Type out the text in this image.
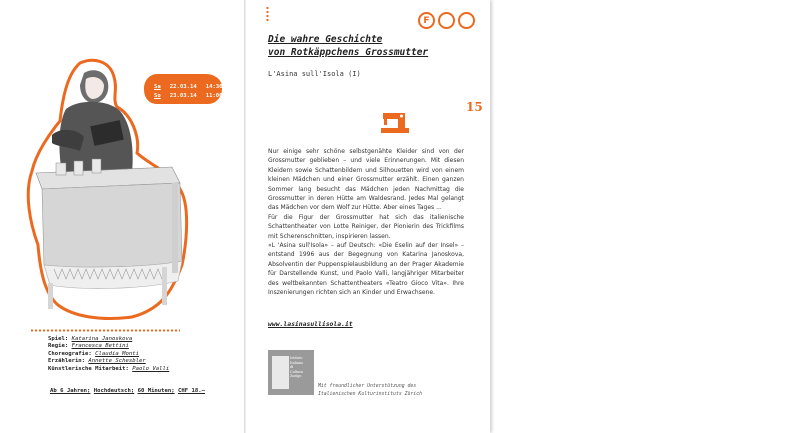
Sa 22.03.14 14:30
So 23.03.14 11:00
Spiel: Katarina Janoskova
Regie: Francesca Bettini
Choreografie: Claudia Monti
Erzählerin: Annette Schesbler
Künstlerische Mitarbeit: Paolo Valli
Ab 6 Jahren; Hochdeutsch; 60 Minuten; CHF 18.–
F
Die wahre Geschichte
von Rotkäppchens Grossmutter
L'Asina sull'Isola (I)
15

Nur einige sehr schöne selbstgenähte Kleider sind von der Grossmutter geblieben – und viele Erinnerungen. Mit diesen Kleidern sowie Schattenbildern und Silhouetten wird von einem kleinen Mädchen und einer Grossmutter erzählt. Einen ganzen Sommer lang besucht das Mädchen jeden Nachmittag die Grossmutter in deren Hütte am Waldesrand. Jedes Mal gelangt das Mädchen vor dem Wolf zur Hütte. Aber eines Tages ...

Für die Figur der Grossmutter hat sich das italienische Schattentheater von Lotte Reiniger, der Pionierin des Trickfilms mit Scherenschnitten, inspirieren lassen.

«L 'Asina sull'Isola» – auf Deutsch: «Die Eselin auf der Insel» – entstand 1996 aus der Begegnung von Katarina Janoskova, Absolventin der Puppenspielausbildung an der Prager Akademie für Darstellende Kunst, und Paolo Valli, langjähriger Mitarbeiter des weltbekannten Schattentheaters «Teatro Gioco Vita». Ihre Inszenierungen richten sich an Kinder und Erwachsene.

www.lasinasullisola.it
Istituto
Italiano
di
Cultura
Zurigo
Mit freundlicher Unterstützung des
Italienischen Kulturinstituts Zürich
